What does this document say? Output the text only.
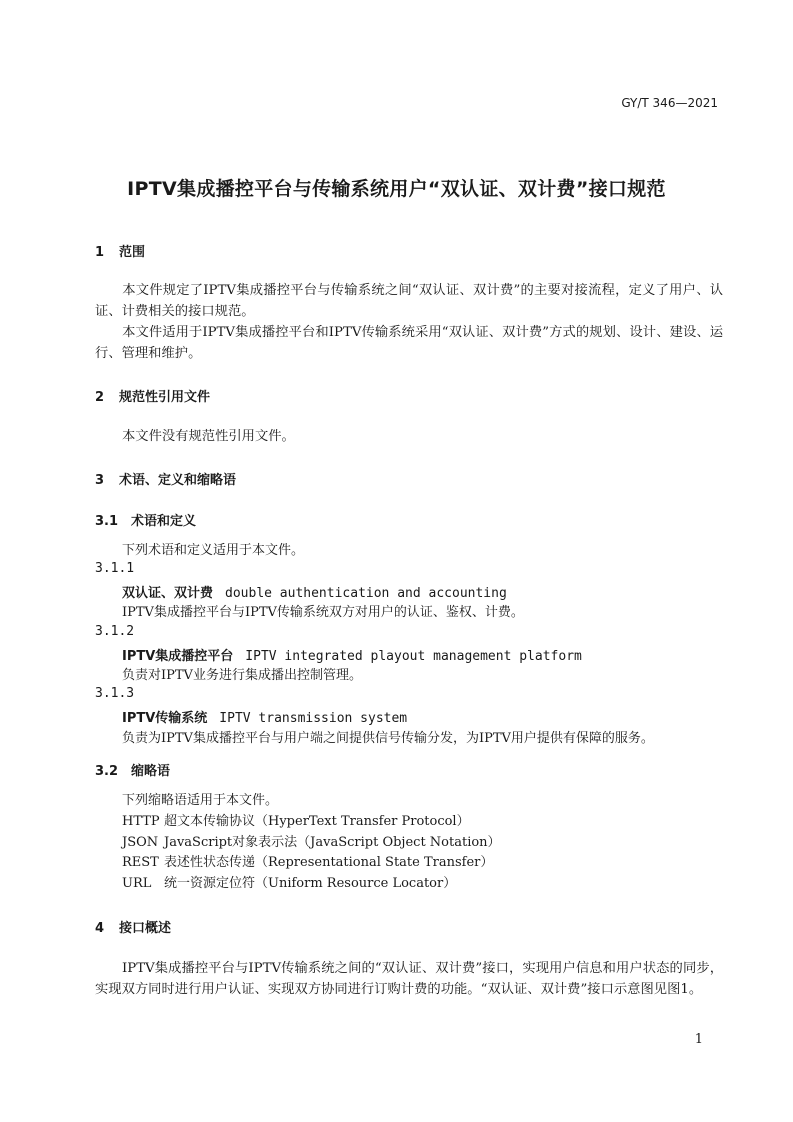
GY/T 346—2021
IPTV集成播控平台与传输系统用户“双认证、双计费”接口规范
1 范围
本文件规定了IPTV集成播控平台与传输系统之间“双认证、双计费”的主要对接流程，定义了用户、认证、计费相关的接口规范。
本文件适用于IPTV集成播控平台和IPTV传输系统采用“双认证、双计费”方式的规划、设计、建设、运行、管理和维护。
2 规范性引用文件
本文件没有规范性引用文件。
3 术语、定义和缩略语
3.1 术语和定义
下列术语和定义适用于本文件。
3.1.1
双认证、双计费 double authentication and accounting
IPTV集成播控平台与IPTV传输系统双方对用户的认证、鉴权、计费。
3.1.2
IPTV集成播控平台 IPTV integrated playout management platform
负责对IPTV业务进行集成播出控制管理。
3.1.3
IPTV传输系统 IPTV transmission system
负责为IPTV集成播控平台与用户端之间提供信号传输分发，为IPTV用户提供有保障的服务。
3.2 缩略语
下列缩略语适用于本文件。
HTTP 超文本传输协议（HyperText Transfer Protocol）
JSON JavaScript对象表示法（JavaScript Object Notation）
REST 表述性状态传递（Representational State Transfer）
URL 统一资源定位符（Uniform Resource Locator）
4 接口概述
IPTV集成播控平台与IPTV传输系统之间的“双认证、双计费”接口，实现用户信息和用户状态的同步，实现双方同时进行用户认证、实现双方协同进行订购计费的功能。“双认证、双计费”接口示意图见图1。
1
